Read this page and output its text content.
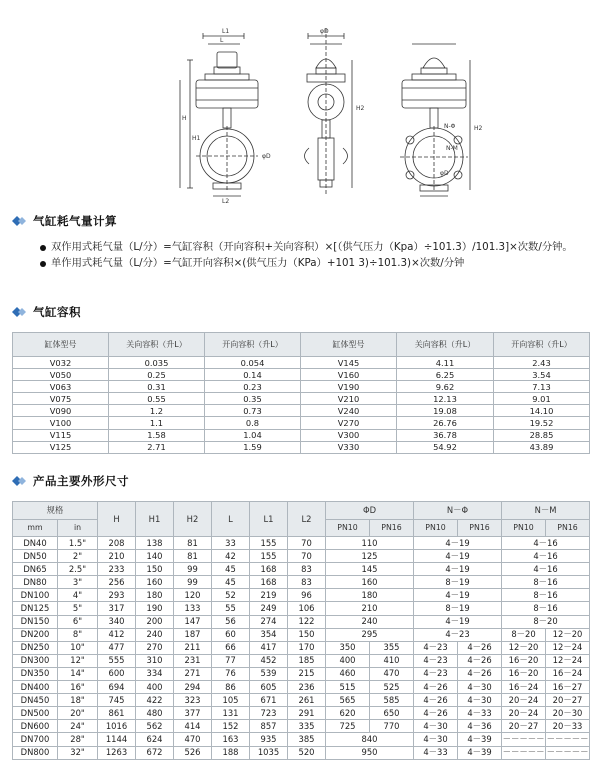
L1
L
H
H1
L2
φD
φD
H2
N-Φ
N-M
φD
H2
气缸耗气量计算
双作用式耗气量（L/分）=气缸容积（开向容积+关向容积）×[（供气压力（Kpa）÷101.3）/101.3]×次数/分钟。
单作用式耗气量（L/分）=气缸开向容积×(供气压力（KPa）+101 3)÷101.3)×次数/分钟
气缸容积
缸体型号	关向容积（升L）	开向容积（升L）	缸体型号	关向容积（升L）	开向容积（升L）
V032	0.035	0.054	V145	4.11	2.43
V050	0.25	0.14	V160	6.25	3.54
V063	0.31	0.23	V190	9.62	7.13
V075	0.55	0.35	V210	12.13	9.01
V090	1.2	0.73	V240	19.08	14.10
V100	1.1	0.8	V270	26.76	19.52
V115	1.58	1.04	V300	36.78	28.85
V125	2.71	1.59	V330	54.92	43.89
产品主要外形尺寸
规格		H	H1	H2	L	L1	L2	ΦD		N－Φ		N－M	
mm	in							PN10	PN16	PN10	PN16	PN10	PN16
DN40	1.5"	208	138	81	33	155	70	110		4－19		4－16	
DN50	2"	210	140	81	42	155	70	125		4－19		4－16	
DN65	2.5"	233	150	99	45	168	83	145		4－19		4－16	
DN80	3"	256	160	99	45	168	83	160		8－19		8－16	
DN100	4"	293	180	120	52	219	96	180		4－19		8－16	
DN125	5"	317	190	133	55	249	106	210		8－19		8－16	
DN150	6"	340	200	147	56	274	122	240		4－19		8－20	
DN200	8"	412	240	187	60	354	150	295		4－23		8－20	12－20
DN250	10"	477	270	211	66	417	170	350	355	4－23	4－26	12－20	12－24
DN300	12"	555	310	231	77	452	185	400	410	4－23	4－26	16－20	12－24
DN350	14"	600	334	271	76	539	215	460	470	4－23	4－26	16－20	16－24
DN400	16"	694	400	294	86	605	236	515	525	4－26	4－30	16－24	16－27
DN450	18"	745	422	323	105	671	261	565	585	4－26	4－30	20－24	20－27
DN500	20"	861	480	377	131	723	291	620	650	4－26	4－33	20－24	20－30
DN600	24"	1016	562	414	152	857	335	725	770	4－30	4－36	20－27	20－33
DN700	28"	1144	624	470	163	935	385	840		4－30	4－39	－－－－－	－－－－－
DN800	32"	1263	672	526	188	1035	520	950		4－33	4－39	－－－－－	－－－－－
